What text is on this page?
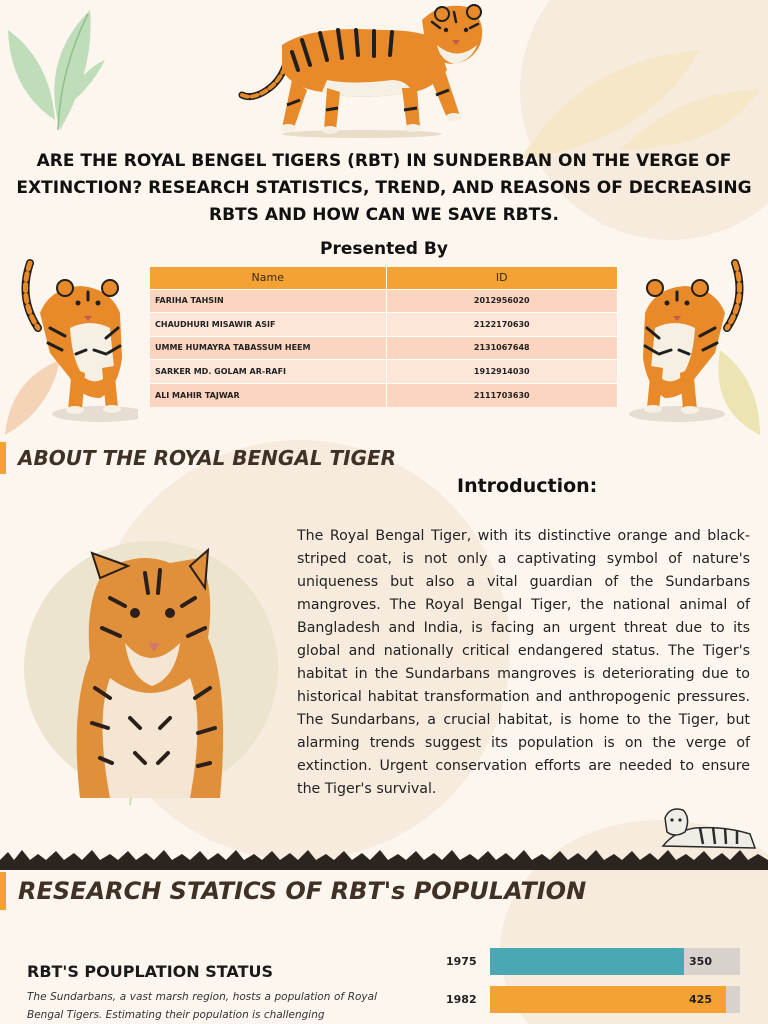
ARE THE ROYAL BENGEL TIGERS (RBT) IN SUNDERBAN ON THE VERGE OF EXTINCTION? RESEARCH STATISTICS, TREND, AND REASONS OF DECREASING RBTS AND HOW CAN WE SAVE RBTS.
Presented By
Name	ID
FARIHA TAHSIN	2012956020
CHAUDHURI MISAWIR ASIF	2122170630
UMME HUMAYRA TABASSUM HEEM	2131067648
SARKER MD. GOLAM AR-RAFI	1912914030
ALI MAHIR TAJWAR	2111703630
ABOUT THE ROYAL BENGAL TIGER
Introduction:
The Royal Bengal Tiger, with its distinctive orange and black-striped coat, is not only a captivating symbol of nature's uniqueness but also a vital guardian of the Sundarbans mangroves. The Royal Bengal Tiger, the national animal of Bangladesh and India, is facing an urgent threat due to its global and nationally critical endangered status. The Tiger's habitat in the Sundarbans mangroves is deteriorating due to historical habitat transformation and anthropogenic pressures. The Sundarbans, a crucial habitat, is home to the Tiger, but alarming trends suggest its population is on the verge of extinction. Urgent conservation efforts are needed to ensure the Tiger's survival.
RESEARCH STATICS OF RBT's POPULATION
RBT'S POUPLATION STATUS
The Sundarbans, a vast marsh region, hosts a population of Royal Bengal Tigers. Estimating their population is challenging
1975	350
1982	425
